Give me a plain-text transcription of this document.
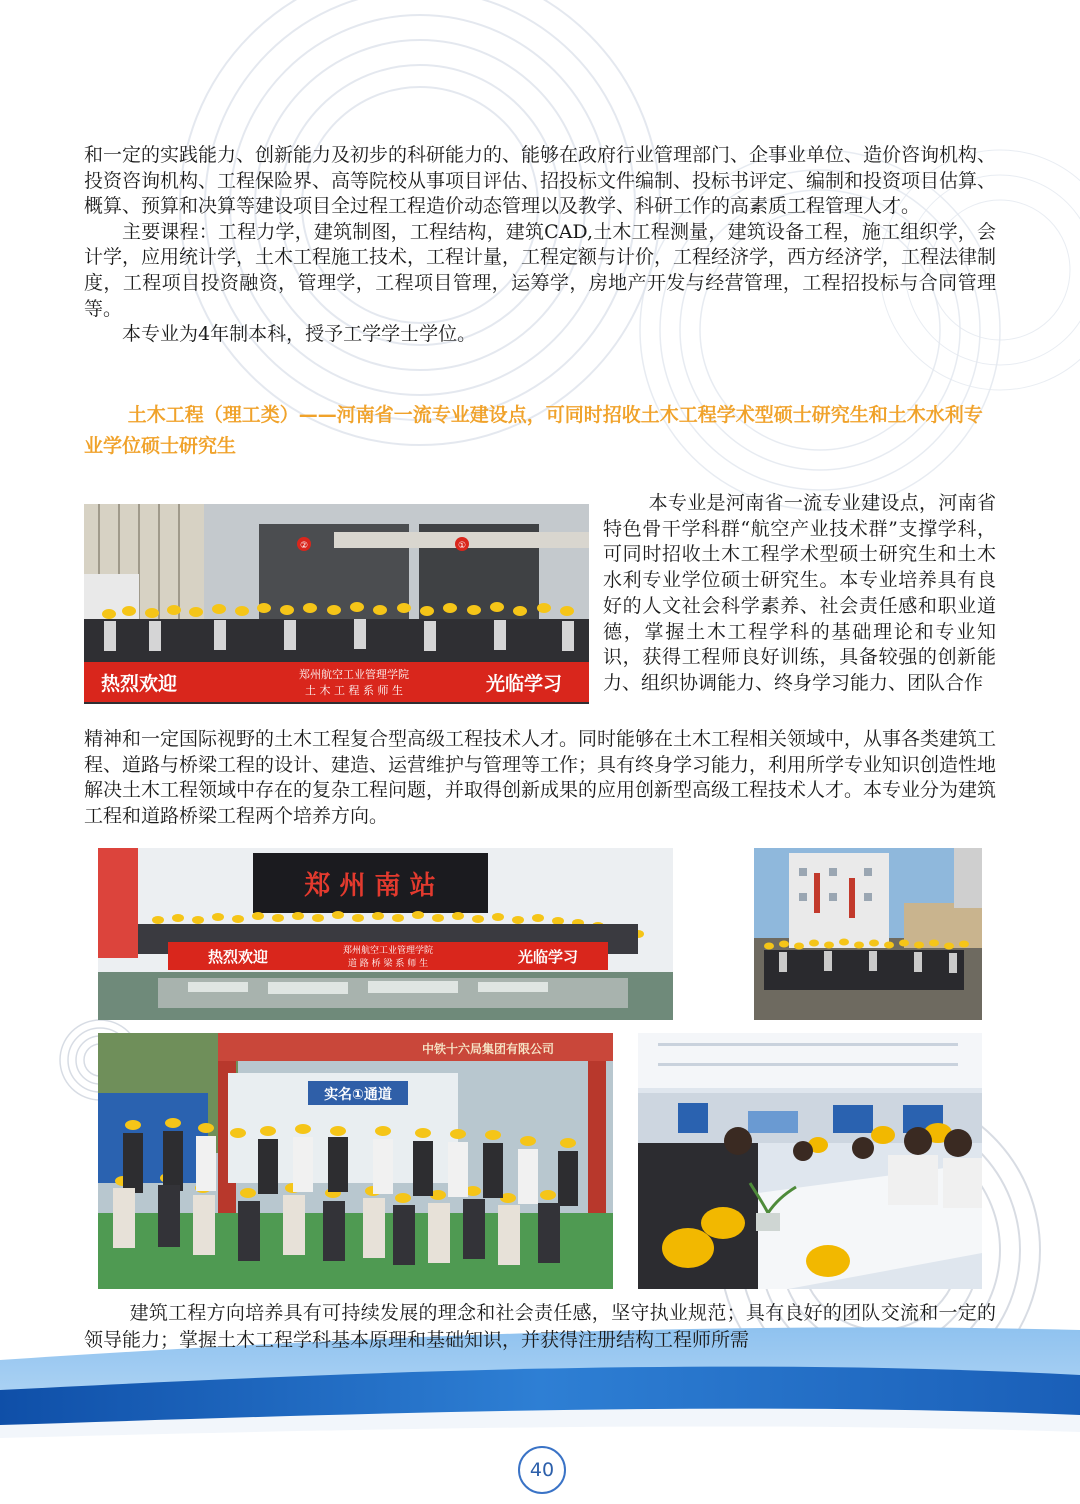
和一定的实践能力、创新能力及初步的科研能力的、能够在政府行业管理部门、企事业单位、造价咨询机构、投资咨询机构、工程保险界、高等院校从事项目评估、招投标文件编制、投标书评定、编制和投资项目估算、概算、预算和决算等建设项目全过程工程造价动态管理以及教学、科研工作的高素质工程管理人才。

主要课程：工程力学，建筑制图，工程结构，建筑CAD,土木工程测量，建筑设备工程，施工组织学，会计学，应用统计学，土木工程施工技术，工程计量，工程定额与计价，工程经济学，西方经济学，工程法律制度，工程项目投资融资，管理学，工程项目管理，运筹学，房地产开发与经营管理，工程招投标与合同管理等。

本专业为4年制本科，授予工学学士学位。

土木工程（理工类）——河南省一流专业建设点，可同时招收土木工程学术型硕士研究生和土木水利专业学位硕士研究生

②	①
热烈欢迎	郑州航空工业管理学院
土 木 工 程 系 师 生	光临学习

本专业是河南省一流专业建设点，河南省特色骨干学科群“航空产业技术群”支撑学科，可同时招收土木工程学术型硕士研究生和土木水利专业学位硕士研究生。本专业培养具有良好的人文社会科学素养、社会责任感和职业道德，掌握土木工程学科的基础理论和专业知识，获得工程师良好训练，具备较强的创新能力、组织协调能力、终身学习能力、团队合作

精神和一定国际视野的土木工程复合型高级工程技术人才。同时能够在土木工程相关领域中，从事各类建筑工程、道路与桥梁工程的设计、建造、运营维护与管理等工作；具有终身学习能力，利用所学专业知识创造性地解决土木工程领域中存在的复杂工程问题，并取得创新成果的应用创新型高级工程技术人才。本专业分为建筑工程和道路桥梁工程两个培养方向。

郑 州 南 站
热烈欢迎	郑州航空工业管理学院
道 路 桥 梁 系 师 生	光临学习
中铁十六局集团有限公司
实名①通道

建筑工程方向培养具有可持续发展的理念和社会责任感，坚守执业规范；具有良好的团队交流和一定的领导能力；掌握土木工程学科基本原理和基础知识，并获得注册结构工程师所需

40
